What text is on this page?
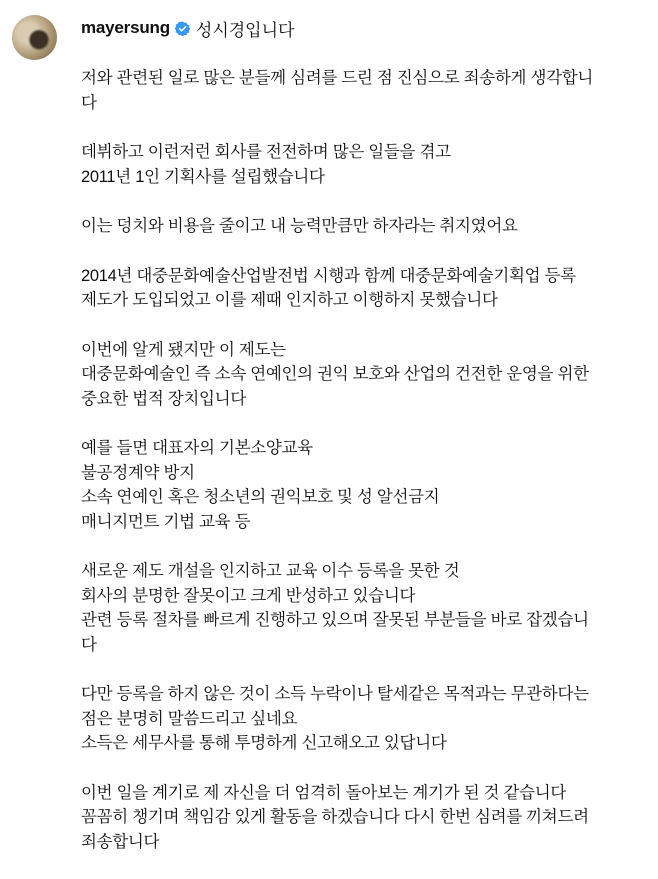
mayersung 성시경입니다
저와 관련된 일로 많은 분들께 심려를 드린 점 진심으로 죄송하게 생각합니
다
데뷔하고 이런저런 회사를 전전하며 많은 일들을 겪고
2011년 1인 기획사를 설립했습니다
이는 덩치와 비용을 줄이고 내 능력만큼만 하자라는 취지였어요
2014년 대중문화예술산업발전법 시행과 함께 대중문화예술기획업 등록
제도가 도입되었고 이를 제때 인지하고 이행하지 못했습니다
이번에 알게 됐지만 이 제도는
대중문화예술인 즉 소속 연예인의 권익 보호와 산업의 건전한 운영을 위한
중요한 법적 장치입니다
예를 들면 대표자의 기본소양교육
불공정계약 방지
소속 연예인 혹은 청소년의 권익보호 및 성 알선금지
매니지먼트 기법 교육 등
새로운 제도 개설을 인지하고 교육 이수 등록을 못한 것
회사의 분명한 잘못이고 크게 반성하고 있습니다
관련 등록 절차를 빠르게 진행하고 있으며 잘못된 부분들을 바로 잡겠습니
다
다만 등록을 하지 않은 것이 소득 누락이나 탈세같은 목적과는 무관하다는
점은 분명히 말씀드리고 싶네요
소득은 세무사를 통해 투명하게 신고해오고 있답니다
이번 일을 계기로 제 자신을 더 엄격히 돌아보는 계기가 된 것 같습니다
꼼꼼히 챙기며 책임감 있게 활동을 하겠습니다 다시 한번 심려를 끼쳐드려
죄송합니다
